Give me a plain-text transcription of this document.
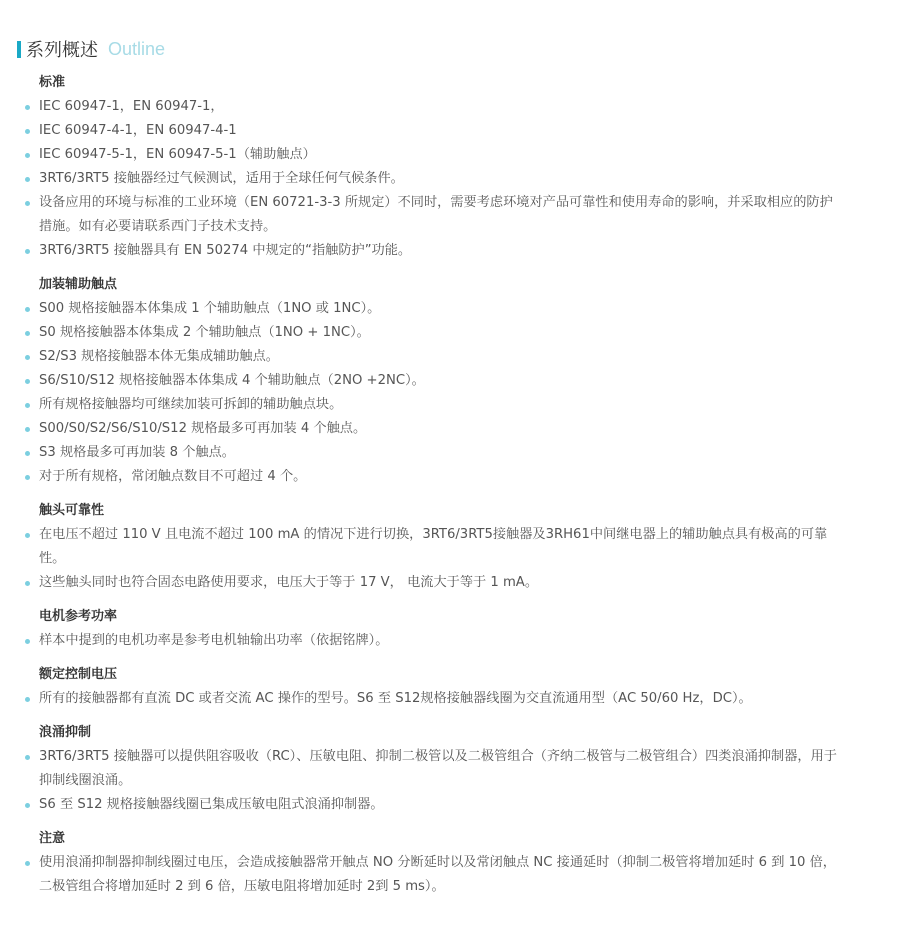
系列概述 Outline
标准
IEC 60947-1，EN 60947-1，
IEC 60947-4-1，EN 60947-4-1
IEC 60947-5-1，EN 60947-5-1（辅助触点）
3RT6/3RT5 接触器经过气候测试，适用于全球任何气候条件。
设备应用的环境与标准的工业环境（EN 60721-3-3 所规定）不同时，需要考虑环境对产品可靠性和使用寿命的影响，并采取相应的防护措施。如有必要请联系西门子技术支持。
3RT6/3RT5 接触器具有 EN 50274 中规定的“指触防护”功能。
加装辅助触点
S00 规格接触器本体集成 1 个辅助触点（1NO 或 1NC）。
S0 规格接触器本体集成 2 个辅助触点（1NO + 1NC）。
S2/S3 规格接触器本体无集成辅助触点。
S6/S10/S12 规格接触器本体集成 4 个辅助触点（2NO +2NC）。
所有规格接触器均可继续加装可拆卸的辅助触点块。
S00/S0/S2/S6/S10/S12 规格最多可再加装 4 个触点。
S3 规格最多可再加装 8 个触点。
对于所有规格，常闭触点数目不可超过 4 个。
触头可靠性
在电压不超过 110 V 且电流不超过 100 mA 的情况下进行切换，3RT6/3RT5接触器及3RH61中间继电器上的辅助触点具有极高的可靠性。
这些触头同时也符合固态电路使用要求，电压大于等于 17 V， 电流大于等于 1 mA。
电机参考功率
样本中提到的电机功率是参考电机轴输出功率（依据铭牌）。
额定控制电压
所有的接触器都有直流 DC 或者交流 AC 操作的型号。S6 至 S12规格接触器线圈为交直流通用型（AC 50/60 Hz，DC）。
浪涌抑制
3RT6/3RT5 接触器可以提供阻容吸收（RC）、压敏电阻、抑制二极管以及二极管组合（齐纳二极管与二极管组合）四类浪涌抑制器，用于抑制线圈浪涌。
S6 至 S12 规格接触器线圈已集成压敏电阻式浪涌抑制器。
注意
使用浪涌抑制器抑制线圈过电压，会造成接触器常开触点 NO 分断延时以及常闭触点 NC 接通延时（抑制二极管将增加延时 6 到 10 倍，二极管组合将增加延时 2 到 6 倍，压敏电阻将增加延时 2到 5 ms）。
